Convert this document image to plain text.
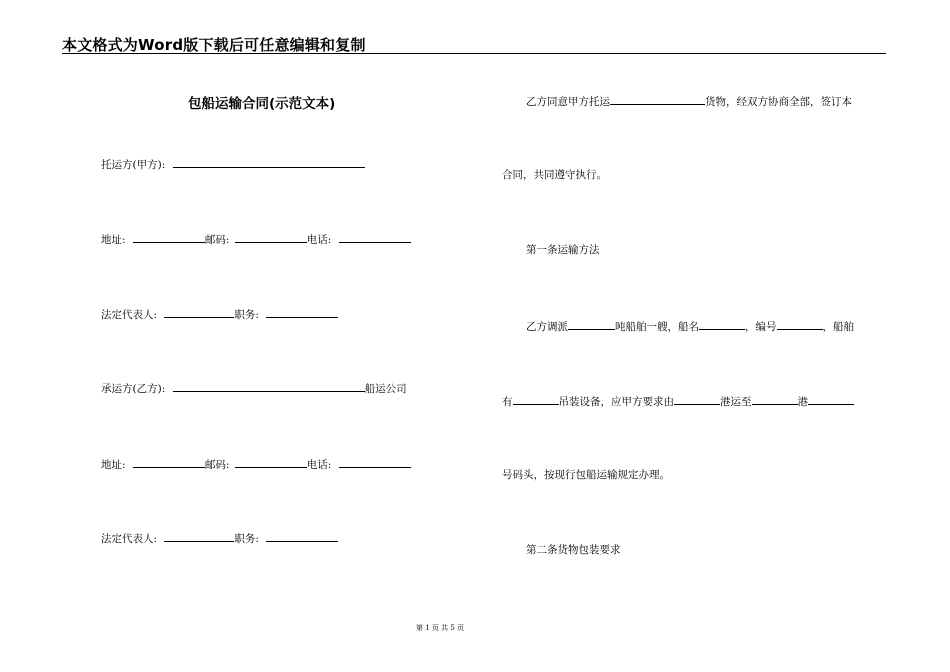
本文格式为Word版下载后可任意编辑和复制
包船运输合同(示范文本)
托运方(甲方):
地址:	邮码:	电话:
法定代表人:	职务:
承运方(乙方):	船运公司
地址:	邮码:	电话:
法定代表人:	职务:
乙方同意甲方托运	货物，经双方协商全部，签订本
合同，共同遵守执行。
第一条运输方法
乙方调派	吨船舶一艘，船名	，编号	，船舶
有	吊装设备，应甲方要求由	港运至	港
号码头，按现行包船运输规定办理。
第二条货物包装要求
第 1 页 共 5 页
